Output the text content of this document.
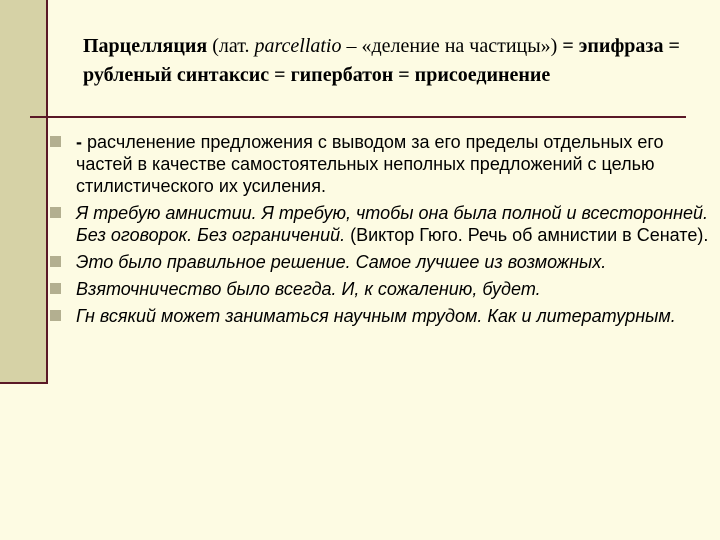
Парцелляция (лат. parcellatio – «деление на частицы») = эпифраза = рубленый синтаксис = гипербатон = присоединение
- расчленение предложения с выводом за его пределы отдельных его частей в качестве самостоятельных неполных предложений с целью стилистического их усиления.
Я требую амнистии. Я требую, чтобы она была полной и всесторонней. Без оговорок. Без ограничений. (Виктор Гюго. Речь об амнистии в Сенате).
Это было правильное решение. Самое лучшее из возможных.
Взяточничество было всегда. И, к сожалению, будет.
Гн всякий может заниматься научным трудом. Как и литературным.
